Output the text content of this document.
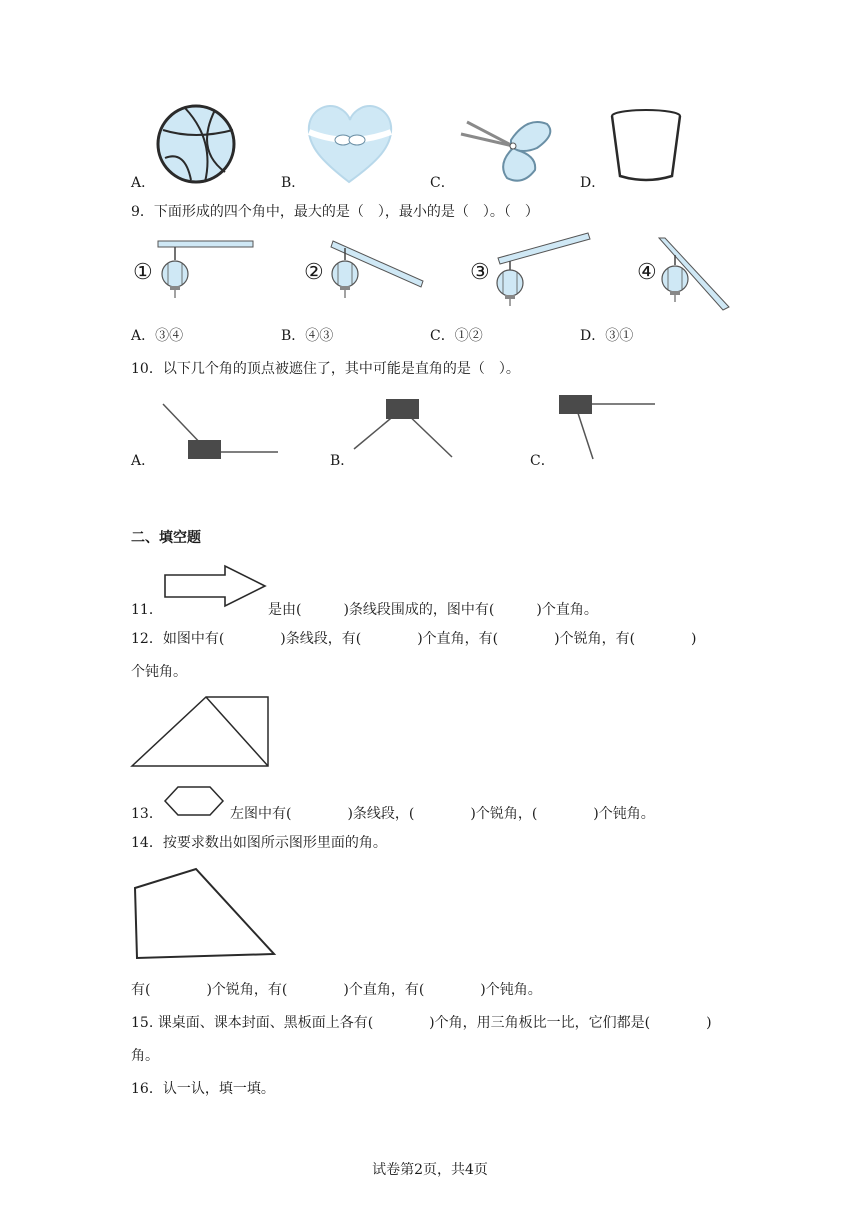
A．	B．	C．	D．
9．下面形成的四个角中，最大的是（　），最小的是（　）。（　）
①	②	③	④
A．③④	B．④③	C．①②	D．③①
10．以下几个角的顶点被遮住了，其中可能是直角的是（　）。
A．	B．	C．
二、填空题
11．	是由(　　　)条线段围成的，图中有(　　　)个直角。
12．如图中有(　　　　)条线段，有(　　　　)个直角，有(　　　　)个锐角，有(　　　　)
个钝角。
13．	左图中有(　　　　)条线段，(　　　　)个锐角，(　　　　)个钝角。
14．按要求数出如图所示图形里面的角。
有(　　　　)个锐角，有(　　　　)个直角，有(　　　　)个钝角。
15. 课桌面、课本封面、黑板面上各有(　　　　)个角，用三角板比一比，它们都是(　　　　)
角。
16．认一认，填一填。
试卷第2页，共4页
